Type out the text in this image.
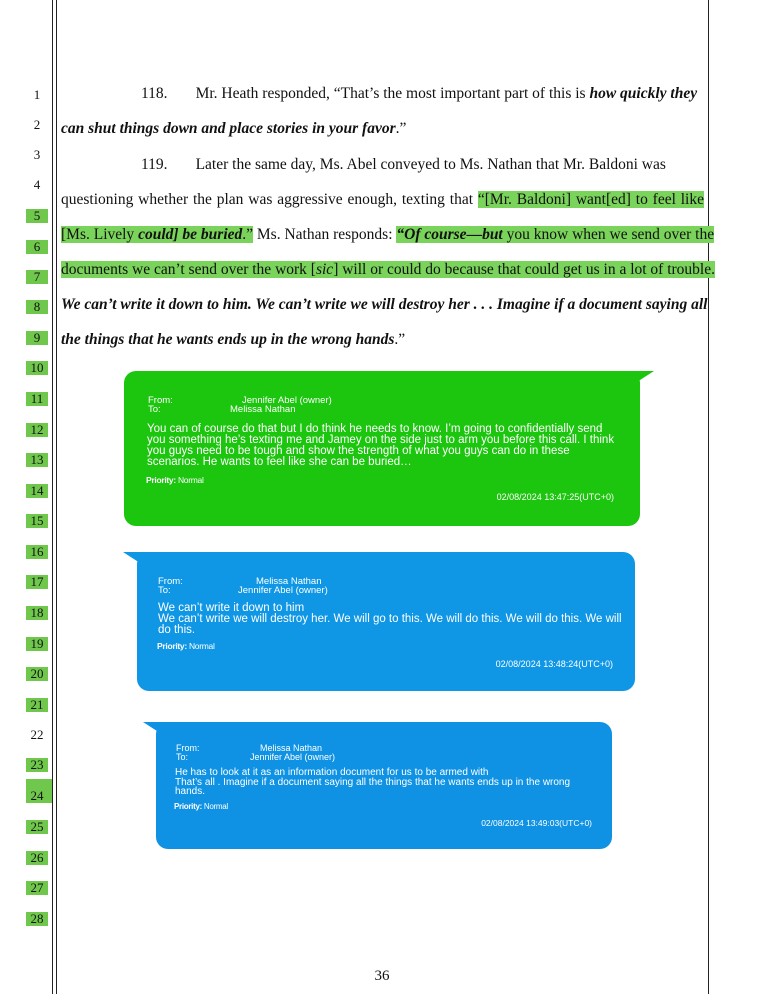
1
2
3
4
5
6
7
8
9
10
11
12
13
14
15
16
17
18
19
20
21
22
23
24
25
26
27
28
118. Mr. Heath responded, “That’s the most important part of this is how quickly they
can shut things down and place stories in your favor.”
119. Later the same day, Ms. Abel conveyed to Ms. Nathan that Mr. Baldoni was
questioning whether the plan was aggressive enough, texting that “[Mr. Baldoni] want[ed] to feel like
[Ms. Lively could] be buried.” Ms. Nathan responds: “Of course—but you know when we send over the
documents we can’t send over the work [sic] will or could do because that could get us in a lot of trouble.
We can’t write it down to him. We can’t write we will destroy her . . . Imagine if a document saying all
the things that he wants ends up in the wrong hands.”
From:	Jennifer Abel (owner)
To:	Melissa Nathan
You can of course do that but I do think he needs to know. I’m going to confidentially send
you something he’s texting me and Jamey on the side just to arm you before this call. I think
you guys need to be tough and show the strength of what you guys can do in these
scenarios. He wants to feel like she can be buried…
Priority: Normal
02/08/2024 13:47:25(UTC+0)
From:	Melissa Nathan
To:	Jennifer Abel (owner)
We can’t write it down to him
We can’t write we will destroy her. We will go to this. We will do this. We will do this. We will
do this.
Priority: Normal
02/08/2024 13:48:24(UTC+0)
From:	Melissa Nathan
To:	Jennifer Abel (owner)
He has to look at it as an information document for us to be armed with
That’s all . Imagine if a document saying all the things that he wants ends up in the wrong
hands.
Priority: Normal
02/08/2024 13:49:03(UTC+0)
36
